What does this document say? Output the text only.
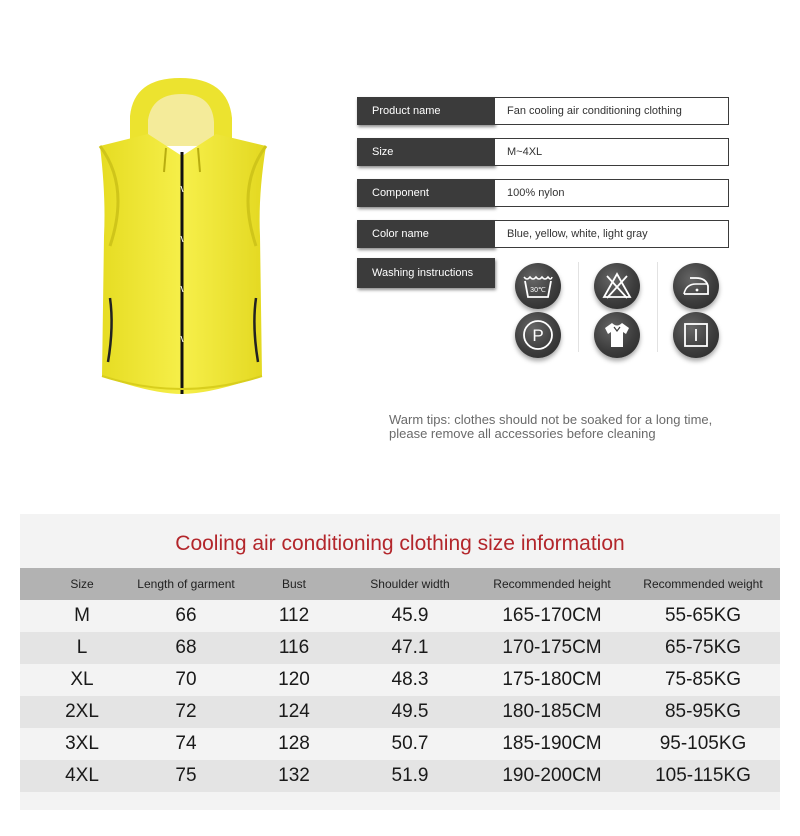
Product name	Fan cooling air conditioning clothing
Size	M~4XL
Component	100% nylon
Color name	Blue, yellow, white, light gray
Washing instructions
30℃
P
Warm tips: clothes should not be soaked for a long time,
please remove all accessories before cleaning
Cooling air conditioning clothing size information
Size	Length of garment	Bust	Shoulder width	Recommended height	Recommended weight
M	66	112	45.9	165-170CM	55-65KG
L	68	116	47.1	170-175CM	65-75KG
XL	70	120	48.3	175-180CM	75-85KG
2XL	72	124	49.5	180-185CM	85-95KG
3XL	74	128	50.7	185-190CM	95-105KG
4XL	75	132	51.9	190-200CM	105-115KG
